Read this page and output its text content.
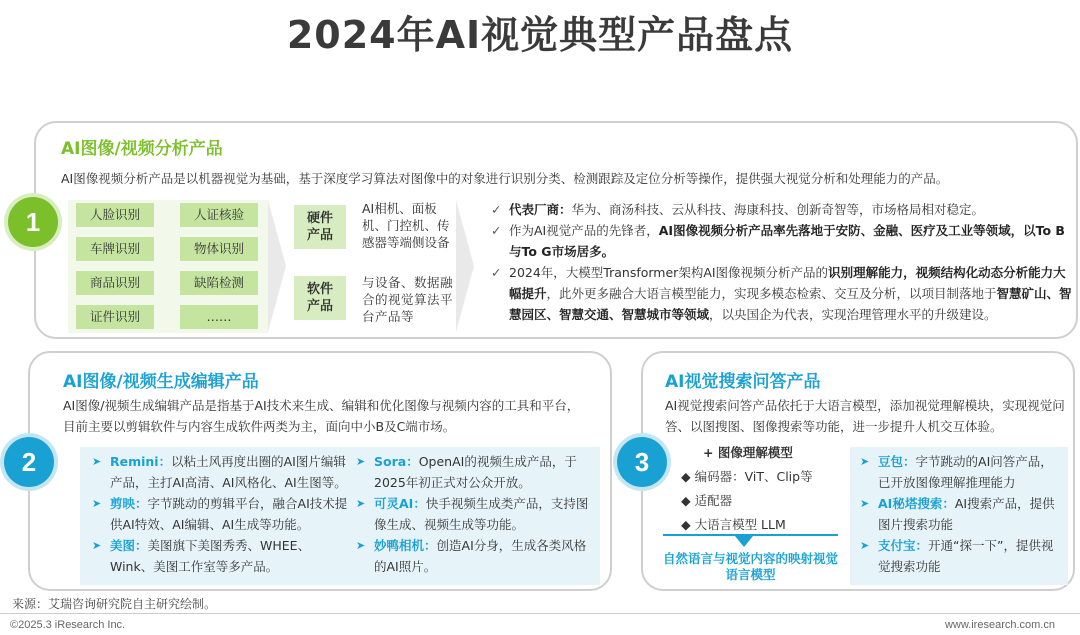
2024年AI视觉典型产品盘点
AI图像/视频分析产品
AI图像视频分析产品是以机器视觉为基础，基于深度学习算法对图像中的对象进行识别分类、检测跟踪及定位分析等操作，提供强大视觉分析和处理能力的产品。
人脸识别	人证核验
车牌识别	物体识别
商品识别	缺陷检测
证件识别	……
硬件
产品
AI相机、面板机、门控机、传感器等端侧设备
软件
产品
与设备、数据融合的视觉算法平台产品等
✓ 代表厂商：华为、商汤科技、云从科技、海康科技、创新奇智等，市场格局相对稳定。
✓ 作为AI视觉产品的先锋者，AI图像视频分析产品率先落地于安防、金融、医疗及工业等领域，以To B与To G市场居多。
✓ 2024年，大模型Transformer架构AI图像视频分析产品的识别理解能力，视频结构化动态分析能力大幅提升，此外更多融合大语言模型能力，实现多模态检索、交互及分析，以项目制落地于智慧矿山、智慧园区、智慧交通、智慧城市等领域，以央国企为代表，实现治理管理水平的升级建设。
1
AI图像/视频生成编辑产品
AI图像/视频生成编辑产品是指基于AI技术来生成、编辑和优化图像与视频内容的工具和平台，目前主要以剪辑软件与内容生成软件两类为主，面向中小B及C端市场。
➤ Remini：以粘土风再度出圈的AI图片编辑产品，主打AI高清、AI风格化、AI生图等。
➤ 剪映：字节跳动的剪辑平台，融合AI技术提供AI特效、AI编辑、AI生成等功能。
➤ 美图：美图旗下美图秀秀、WHEE、Wink、美图工作室等多产品。
➤ Sora：OpenAI的视频生成产品，于2025年初正式对公众开放。
➤ 可灵AI：快手视频生成类产品，支持图像生成、视频生成等功能。
➤ 妙鸭相机：创造AI分身，生成各类风格的AI照片。
2
AI视觉搜索问答产品
AI视觉搜索问答产品依托于大语言模型，添加视觉理解模块，实现视觉问答、以图搜图、图像搜索等功能，进一步提升人机交互体验。
+ 图像理解模型
◆ 编码器：ViT、Clip等
◆ 适配器
◆ 大语言模型 LLM
自然语言与视觉内容的映射视觉语言模型
➤ 豆包：字节跳动的AI问答产品，已开放图像理解推理能力
➤ AI秘塔搜索：AI搜索产品，提供图片搜索功能
➤ 支付宝：开通“探一下”，提供视觉搜索功能
3
来源：艾瑞咨询研究院自主研究绘制。
©2025.3 iResearch Inc.	www.iresearch.com.cn
